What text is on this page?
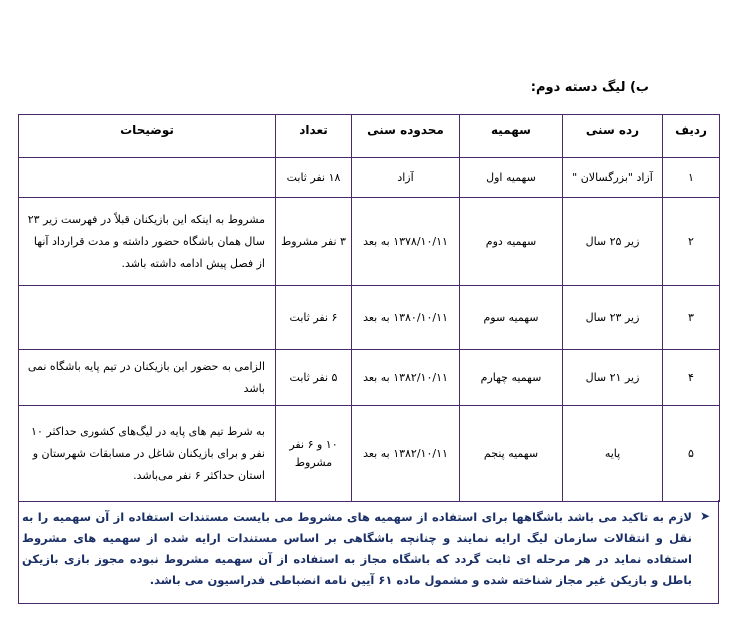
ب) لیگ دسته دوم:
ردیف	رده سنی	سهمیه	محدوده سنی	تعداد	توضیحات
۱	آزاد "بزرگسالان "	سهمیه اول	آزاد	۱۸ نفر ثابت	
۲	زیر ۲۵ سال	سهمیه دوم	۱۳۷۸/۱۰/۱۱ به بعد	۳ نفر مشروط	مشروط به اینکه این بازیکنان قبلاً در فهرست زیر ۲۳ سال همان باشگاه حضور داشته و مدت قرارداد آنها از فصل پیش ادامه داشته باشد.
۳	زیر ۲۳ سال	سهمیه سوم	۱۳۸۰/۱۰/۱۱ به بعد	۶ نفر ثابت	
۴	زیر ۲۱ سال	سهمیه چهارم	۱۳۸۲/۱۰/۱۱ به بعد	۵ نفر ثابت	الزامی به حضور این بازیکنان در تیم پایه باشگاه نمی باشد
۵	پایه	سهمیه پنجم	۱۳۸۲/۱۰/۱۱ به بعد	۱۰ و ۶ نفر مشروط	به شرط تیم های پایه در لیگ‌های کشوری حداکثر ۱۰ نفر و برای بازیکنان شاغل در مسابقات شهرستان و استان حداکثر ۶ نفر می‌باشد.
➤
لازم به تاکید می باشد باشگاهها برای استفاده از سهمیه های مشروط می بایست مستندات استفاده از آن سهمیه را به نقل و انتقالات سازمان لیگ ارایه نمایند و چنانچه باشگاهی بر اساس مستندات ارایه شده از سهمیه های مشروط استفاده نماید در هر مرحله ای ثابت گردد که باشگاه مجاز به استفاده از آن سهمیه مشروط نبوده مجوز بازی بازیکن باطل و بازیکن غیر مجاز شناخته شده و مشمول ماده ۶۱ آیین نامه انضباطی فدراسیون می باشد.
